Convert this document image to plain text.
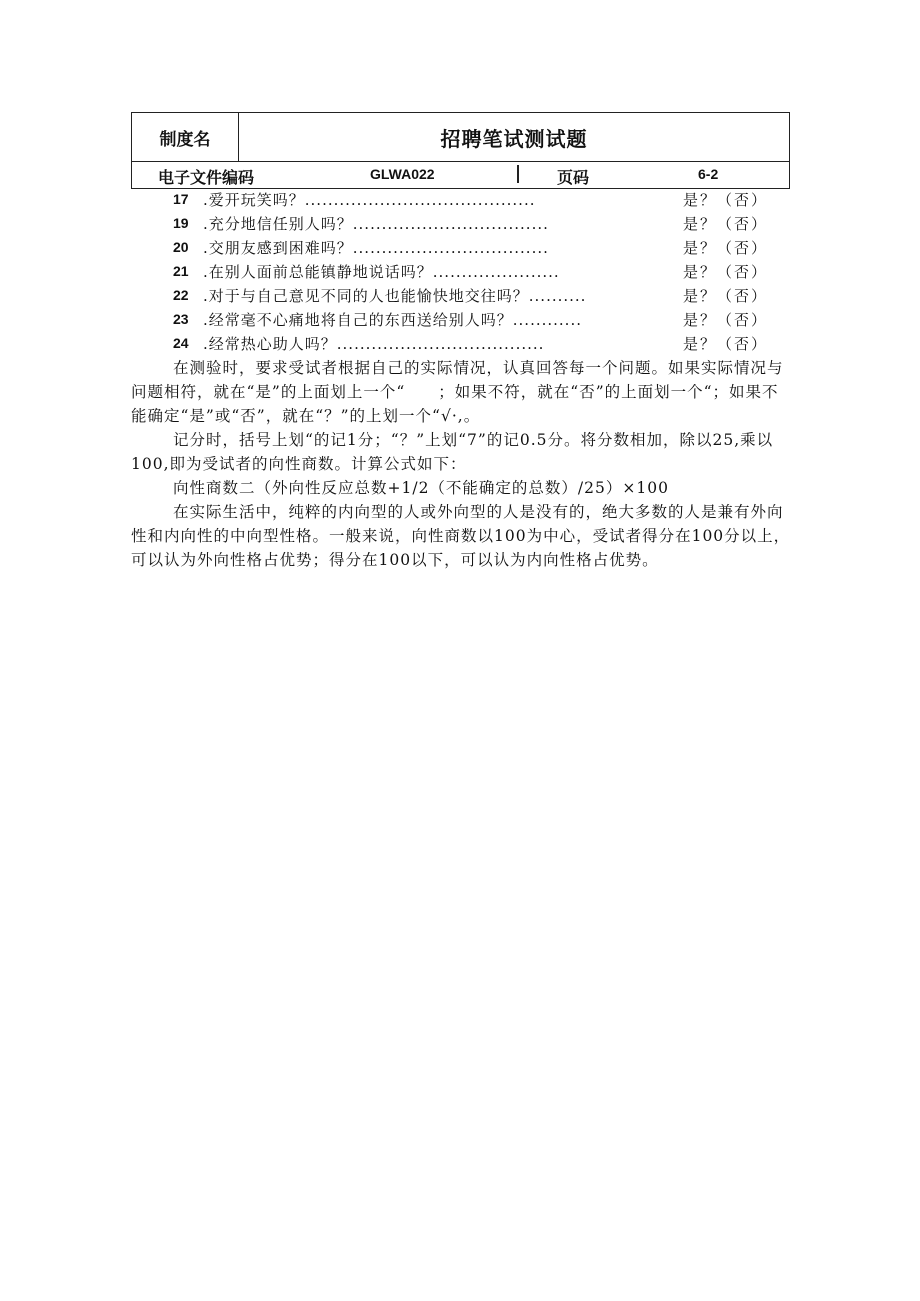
制度名	招聘笔试测试题
电子文件编码	GLWA022	页码	6-2
17 .爱开玩笑吗？........................................	是？（否）
19 .充分地信任别人吗？..................................	是？（否）
20 .交朋友感到困难吗？..................................	是？（否）
21 .在别人面前总能镇静地说话吗？......................	是？（否）
22 .对于与自己意见不同的人也能愉快地交往吗？..........	是？（否）
23 .经常毫不心痛地将自己的东西送给别人吗？............	是？（否）
24 .经常热心助人吗？....................................	是？（否）

在测验时，要求受试者根据自己的实际情况，认真回答每一个问题。如果实际情况与问题相符，就在“是”的上面划上一个“　　；如果不符，就在“否”的上面划一个“；如果不能确定“是”或“否”，就在“？”的上划一个“√·,。

记分时，括号上划“的记1分；“？”上划“7”的记0.5分。将分数相加，除以25,乘以100,即为受试者的向性商数。计算公式如下：

向性商数二（外向性反应总数+1/2（不能确定的总数）/25）×100

在实际生活中，纯粹的内向型的人或外向型的人是没有的，绝大多数的人是兼有外向性和内向性的中向型性格。一般来说，向性商数以100为中心，受试者得分在100分以上，可以认为外向性格占优势；得分在100以下，可以认为内向性格占优势。
